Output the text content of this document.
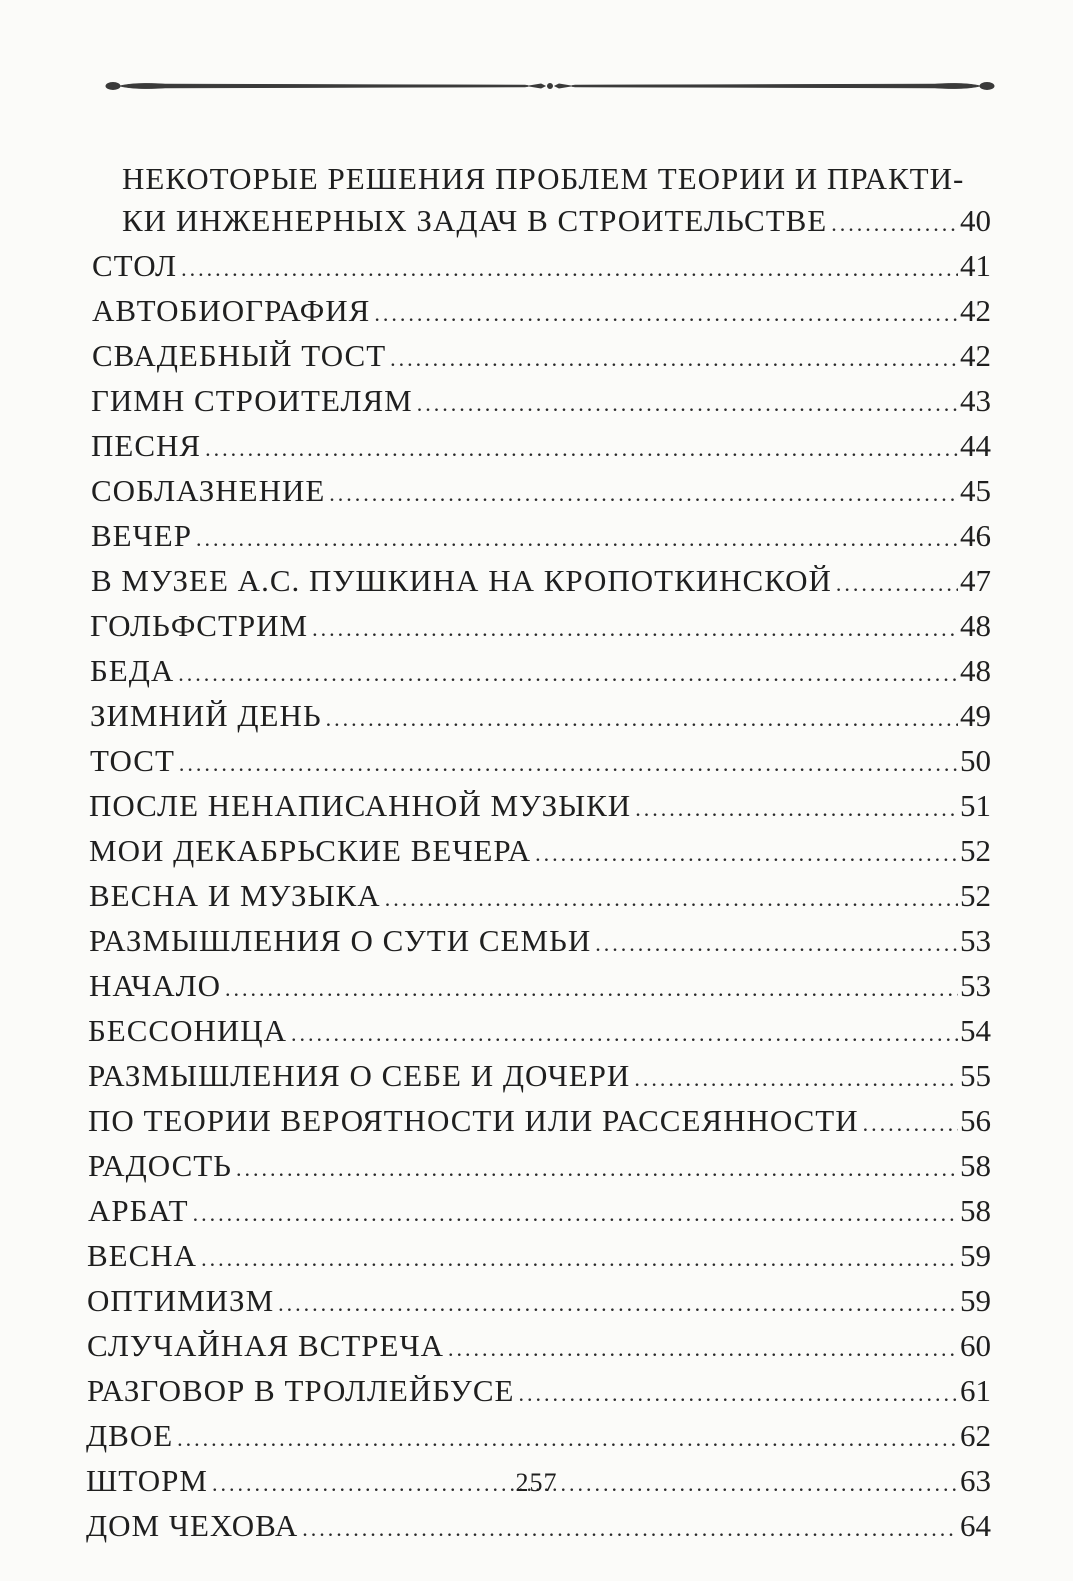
НЕКОТОРЫЕ РЕШЕНИЯ ПРОБЛЕМ ТЕОРИИ И ПРАКТИ-
КИ ИНЖЕНЕРНЫХ ЗАДАЧ В СТРОИТЕЛЬСТВЕ .....	40
СТОЛ .....	41
АВТОБИОГРАФИЯ .....	42
СВАДЕБНЫЙ ТОСТ .....	42
ГИМН СТРОИТЕЛЯМ .....	43
ПЕСНЯ .....	44
СОБЛАЗНЕНИЕ .....	45
ВЕЧЕР .....	46
В МУЗЕЕ А.С. ПУШКИНА НА КРОПОТКИНСКОЙ .....	47
ГОЛЬФСТРИМ .....	48
БЕДА .....	48
ЗИМНИЙ ДЕНЬ .....	49
ТОСТ .....	50
ПОСЛЕ НЕНАПИСАННОЙ МУЗЫКИ .....	51
МОИ ДЕКАБРЬСКИЕ ВЕЧЕРА .....	52
ВЕСНА И МУЗЫКА .....	52
РАЗМЫШЛЕНИЯ О СУТИ СЕМЬИ .....	53
НАЧАЛО .....	53
БЕССОНИЦА .....	54
РАЗМЫШЛЕНИЯ О СЕБЕ И ДОЧЕРИ .....	55
ПО ТЕОРИИ ВЕРОЯТНОСТИ ИЛИ РАССЕЯННОСТИ .....	56
РАДОСТЬ .....	58
АРБАТ .....	58
ВЕСНА .....	59
ОПТИМИЗМ .....	59
СЛУЧАЙНАЯ ВСТРЕЧА .....	60
РАЗГОВОР В ТРОЛЛЕЙБУСЕ .....	61
ДВОЕ .....	62
ШТОРМ .....	63
ДОМ ЧЕХОВА .....	64
257
